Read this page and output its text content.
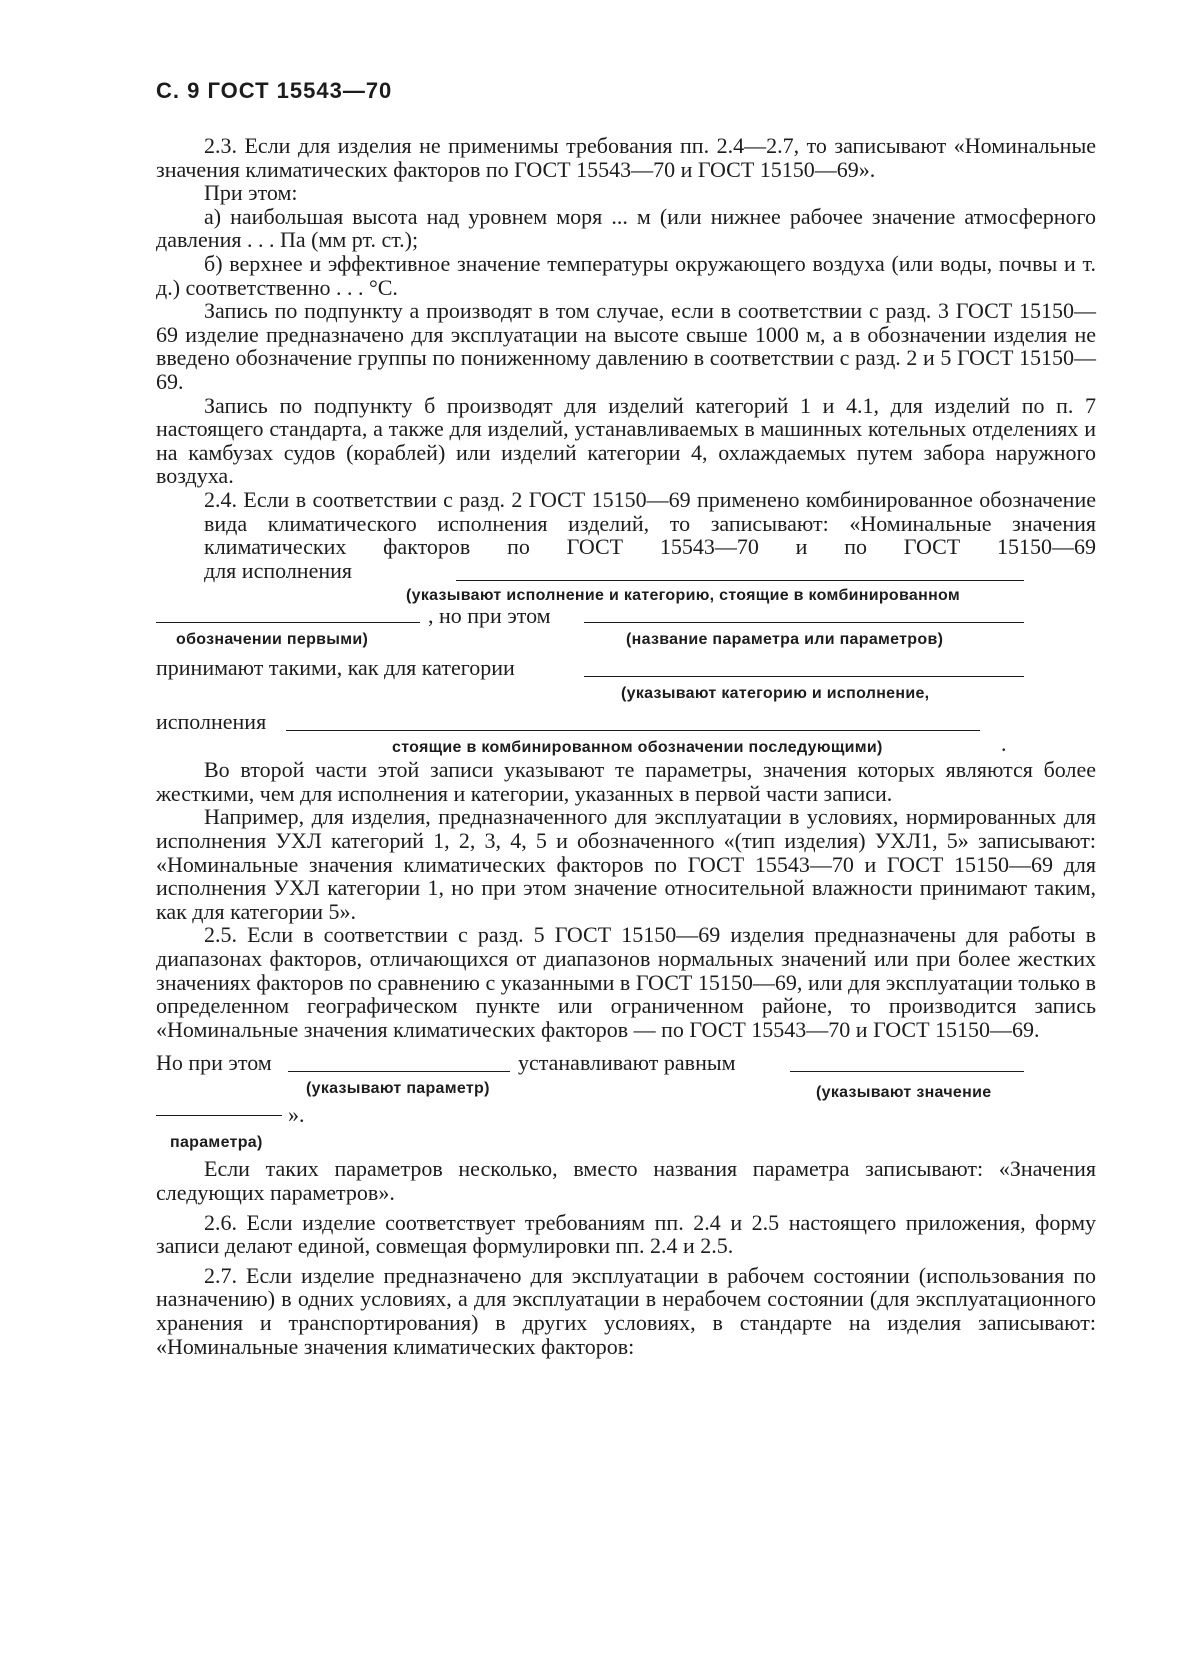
С. 9 ГОСТ 15543—70

2.3. Если для изделия не применимы требования пп. 2.4—2.7, то записывают «Номинальные значения климатических факторов по ГОСТ 15543—70 и ГОСТ 15150—69».

При этом:

а) наибольшая высота над уровнем моря ... м (или нижнее рабочее значение атмосферного давления . . . Па (мм рт. ст.);

б) верхнее и эффективное значение температуры окружающего воздуха (или воды, почвы и т. д.) соответственно . . . °С.

Запись по подпункту а производят в том случае, если в соответствии с разд. 3 ГОСТ 15150—69 изделие предназначено для эксплуатации на высоте свыше 1000 м, а в обозначении изделия не введено обозначение группы по пониженному давлению в соответствии с разд. 2 и 5 ГОСТ 15150—69.

Запись по подпункту б производят для изделий категорий 1 и 4.1, для изделий по п. 7 настоящего стандарта, а также для изделий, устанавливаемых в машинных котельных отделениях и на камбузах судов (кораблей) или изделий категории 4, охлаждаемых путем забора наружного воздуха.

2.4. Если в соответствии с разд. 2 ГОСТ 15150—69 применено комбинированное обозначение
вида климатического исполнения изделий, то записывают: «Номинальные значения
климатических факторов по ГОСТ 15543—70 и по ГОСТ 15150—69
для исполнения
(указывают исполнение и категорию, стоящие в комбинированном
, но при этом
обозначении первыми)	(название параметра или параметров)
принимают такими, как для категории
(указывают категорию и исполнение,
исполнения
стоящие в комбинированном обозначении последующими)	.

Во второй части этой записи указывают те параметры, значения которых являются более жесткими, чем для исполнения и категории, указанных в первой части записи.

Например, для изделия, предназначенного для эксплуатации в условиях, нормированных для исполнения УХЛ категорий 1, 2, 3, 4, 5 и обозначенного «(тип изделия) УХЛ1, 5» записывают: «Номинальные значения климатических факторов по ГОСТ 15543—70 и ГОСТ 15150—69 для исполнения УХЛ категории 1, но при этом значение относительной влажности принимают таким, как для категории 5».

2.5. Если в соответствии с разд. 5 ГОСТ 15150—69 изделия предназначены для работы в диапазонах факторов, отличающихся от диапазонов нормальных значений или при более жестких значениях факторов по сравнению с указанными в ГОСТ 15150—69, или для эксплуатации только в определенном географическом пункте или ограниченном районе, то производится запись «Номинальные значения климатических факторов — по ГОСТ 15543—70 и ГОСТ 15150—69.

Но при этом	устанавливают равным
(указывают параметр)	(указывают значение
».
параметра)

Если таких параметров несколько, вместо названия параметра записывают: «Значения следующих параметров».

2.6. Если изделие соответствует требованиям пп. 2.4 и 2.5 настоящего приложения, форму записи делают единой, совмещая формулировки пп. 2.4 и 2.5.

2.7. Если изделие предназначено для эксплуатации в рабочем состоянии (использования по назначению) в одних условиях, а для эксплуатации в нерабочем состоянии (для эксплуатационного хранения и транспортирования) в других условиях, в стандарте на изделия записывают: «Номинальные значения климатических факторов:
